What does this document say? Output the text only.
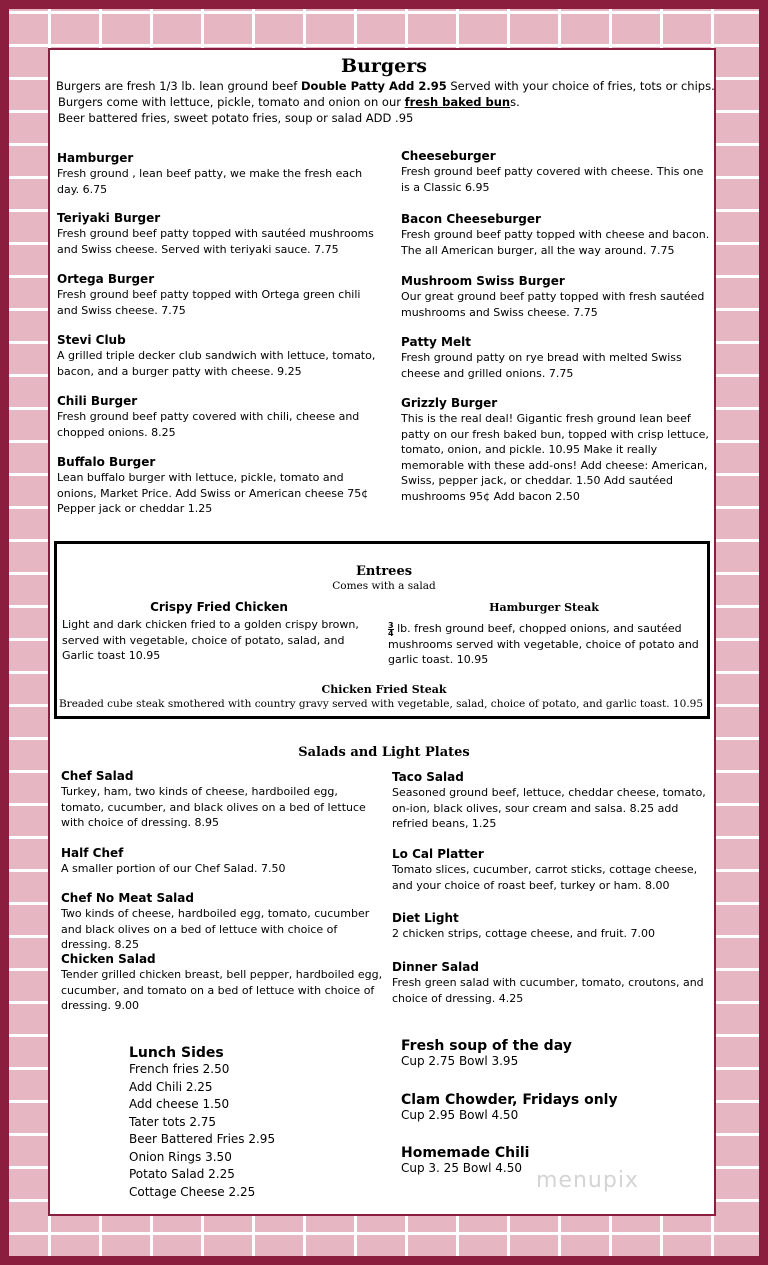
Burgers
Burgers are fresh 1/3 lb. lean ground beef Double Patty Add 2.95 Served with your choice of fries, tots or chips.
Burgers come with lettuce, pickle, tomato and onion on our fresh baked buns.
Beer battered fries, sweet potato fries, soup or salad ADD .95
Hamburger
Fresh ground , lean beef patty, we make the fresh each day. 6.75
Teriyaki Burger
Fresh ground beef patty topped with sautéed mushrooms and Swiss cheese. Served with teriyaki sauce. 7.75
Ortega Burger
Fresh ground beef patty topped with Ortega green chili and Swiss cheese. 7.75
Stevi Club
A grilled triple decker club sandwich with lettuce, tomato, bacon, and a burger patty with cheese. 9.25
Chili Burger
Fresh ground beef patty covered with chili, cheese and chopped onions. 8.25
Buffalo Burger
Lean buffalo burger with lettuce, pickle, tomato and onions, Market Price. Add Swiss or American cheese 75¢ Pepper jack or cheddar 1.25
Cheeseburger
Fresh ground beef patty covered with cheese. This one is a Classic 6.95
Bacon Cheeseburger
Fresh ground beef patty topped with cheese and bacon. The all American burger, all the way around. 7.75
Mushroom Swiss Burger
Our great ground beef patty topped with fresh sautéed mushrooms and Swiss cheese. 7.75
Patty Melt
Fresh ground patty on rye bread with melted Swiss cheese and grilled onions. 7.75
Grizzly Burger
This is the real deal! Gigantic fresh ground lean beef patty on our fresh baked bun, topped with crisp lettuce, tomato, onion, and pickle. 10.95 Make it really memorable with these add-ons! Add cheese: American, Swiss, pepper jack, or cheddar. 1.50 Add sautéed mushrooms 95¢ Add bacon 2.50
Entrees
Comes with a salad
Crispy Fried Chicken
Light and dark chicken fried to a golden crispy brown, served with vegetable, choice of potato, salad, and Garlic toast 10.95
Hamburger Steak
$\frac{3}{4}$ lb. fresh ground beef, chopped onions, and sautéed mushrooms served with vegetable, choice of potato and garlic toast. 10.95
Chicken Fried Steak
Breaded cube steak smothered with country gravy served with vegetable, salad, choice of potato, and garlic toast. 10.95
Salads and Light Plates
Chef Salad
Turkey, ham, two kinds of cheese, hardboiled egg, tomato, cucumber, and black olives on a bed of lettuce with choice of dressing. 8.95
Half Chef
A smaller portion of our Chef Salad. 7.50
Chef No Meat Salad
Two kinds of cheese, hardboiled egg, tomato, cucumber and black olives on a bed of lettuce with choice of dressing. 8.25
Chicken Salad
Tender grilled chicken breast, bell pepper, hardboiled egg, cucumber, and tomato on a bed of lettuce with choice of dressing. 9.00
Taco Salad
Seasoned ground beef, lettuce, cheddar cheese, tomato, on-ion, black olives, sour cream and salsa. 8.25 add refried beans, 1.25
Lo Cal Platter
Tomato slices, cucumber, carrot sticks, cottage cheese, and your choice of roast beef, turkey or ham. 8.00
Diet Light
2 chicken strips, cottage cheese, and fruit. 7.00
Dinner Salad
Fresh green salad with cucumber, tomato, croutons, and choice of dressing. 4.25
Lunch Sides
French fries 2.50
Add Chili 2.25
Add cheese 1.50
Tater tots 2.75
Beer Battered Fries 2.95
Onion Rings 3.50
Potato Salad 2.25
Cottage Cheese 2.25
Fresh soup of the day
Cup 2.75 Bowl 3.95
Clam Chowder, Fridays only
Cup 2.95 Bowl 4.50
Homemade Chili
Cup 3. 25 Bowl 4.50 menupix
